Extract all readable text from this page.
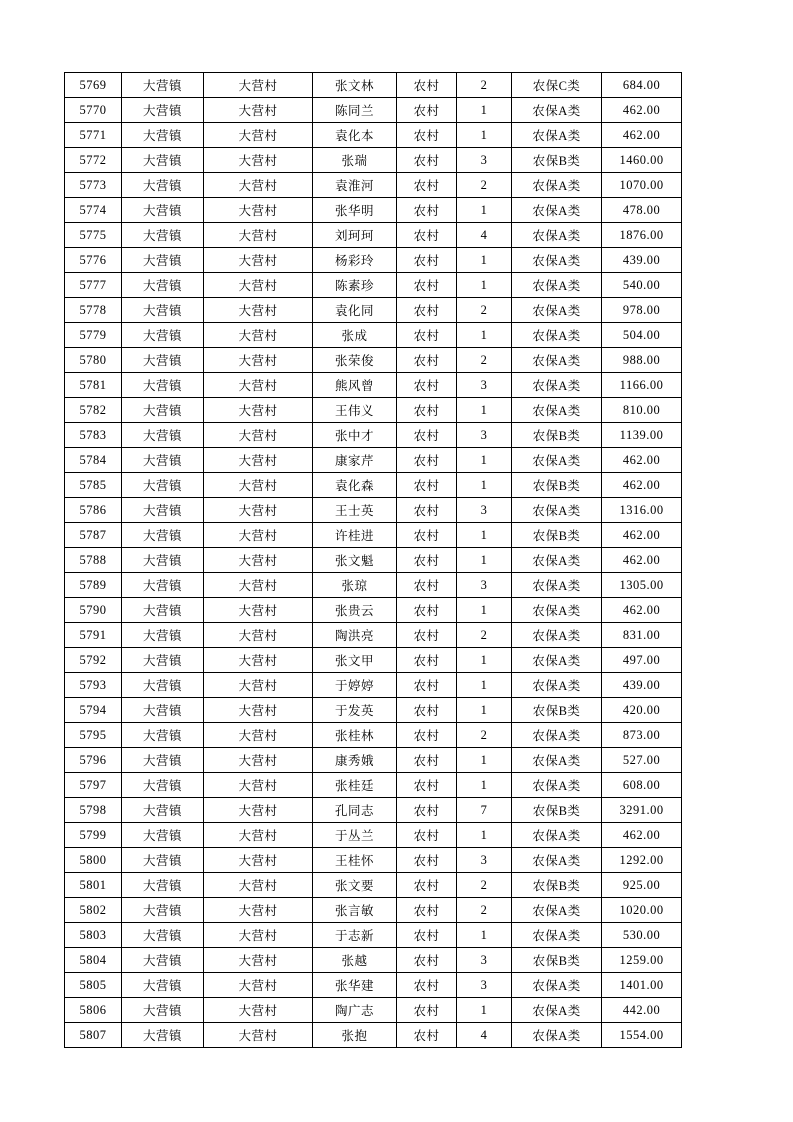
5769	大营镇	大营村	张文林	农村	2	农保C类	684.00
5770	大营镇	大营村	陈同兰	农村	1	农保A类	462.00
5771	大营镇	大营村	袁化本	农村	1	农保A类	462.00
5772	大营镇	大营村	张瑞	农村	3	农保B类	1460.00
5773	大营镇	大营村	袁淮河	农村	2	农保A类	1070.00
5774	大营镇	大营村	张华明	农村	1	农保A类	478.00
5775	大营镇	大营村	刘珂珂	农村	4	农保A类	1876.00
5776	大营镇	大营村	杨彩玲	农村	1	农保A类	439.00
5777	大营镇	大营村	陈素珍	农村	1	农保A类	540.00
5778	大营镇	大营村	袁化同	农村	2	农保A类	978.00
5779	大营镇	大营村	张成	农村	1	农保A类	504.00
5780	大营镇	大营村	张荣俊	农村	2	农保A类	988.00
5781	大营镇	大营村	熊风曾	农村	3	农保A类	1166.00
5782	大营镇	大营村	王伟义	农村	1	农保A类	810.00
5783	大营镇	大营村	张中才	农村	3	农保B类	1139.00
5784	大营镇	大营村	康家芹	农村	1	农保A类	462.00
5785	大营镇	大营村	袁化森	农村	1	农保B类	462.00
5786	大营镇	大营村	王士英	农村	3	农保A类	1316.00
5787	大营镇	大营村	许桂进	农村	1	农保B类	462.00
5788	大营镇	大营村	张文魁	农村	1	农保A类	462.00
5789	大营镇	大营村	张琼	农村	3	农保A类	1305.00
5790	大营镇	大营村	张贵云	农村	1	农保A类	462.00
5791	大营镇	大营村	陶洪亮	农村	2	农保A类	831.00
5792	大营镇	大营村	张文甲	农村	1	农保A类	497.00
5793	大营镇	大营村	于婷婷	农村	1	农保A类	439.00
5794	大营镇	大营村	于发英	农村	1	农保B类	420.00
5795	大营镇	大营村	张桂林	农村	2	农保A类	873.00
5796	大营镇	大营村	康秀娥	农村	1	农保A类	527.00
5797	大营镇	大营村	张桂廷	农村	1	农保A类	608.00
5798	大营镇	大营村	孔同志	农村	7	农保B类	3291.00
5799	大营镇	大营村	于丛兰	农村	1	农保A类	462.00
5800	大营镇	大营村	王桂怀	农村	3	农保A类	1292.00
5801	大营镇	大营村	张文要	农村	2	农保B类	925.00
5802	大营镇	大营村	张言敏	农村	2	农保A类	1020.00
5803	大营镇	大营村	于志新	农村	1	农保A类	530.00
5804	大营镇	大营村	张越	农村	3	农保B类	1259.00
5805	大营镇	大营村	张华建	农村	3	农保A类	1401.00
5806	大营镇	大营村	陶广志	农村	1	农保A类	442.00
5807	大营镇	大营村	张抱	农村	4	农保A类	1554.00
